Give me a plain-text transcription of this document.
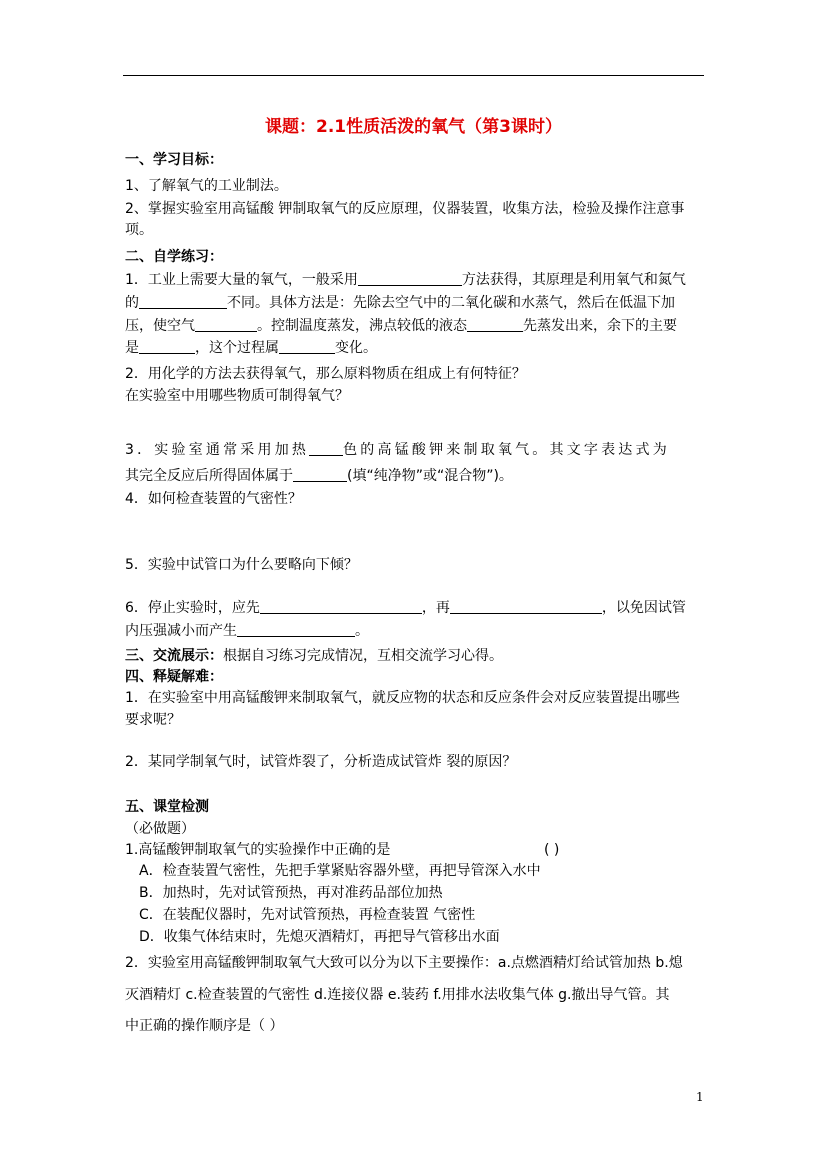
课题：2.1性质活泼的氧气（第3课时）
一、学习目标：
1、了解氧气的工业制法。
2、掌握实验室用高锰酸 钾制取氧气的反应原理，仪器装置，收集方法，检验及操作注意事
项。
二、自学练习：
1．工业上需要大量的氧气，一般采用	方法获得，其原理是利用氧气和氮气
的	不同。具体方法是：先除去空气中的二氧化碳和水蒸气，然后在低温下加
压，使空气	。控制温度蒸发，沸点较低的液态	先蒸发出来，余下的主要
是	，这个过程属	变化。
2．用化学的方法去获得氧气，那么原料物质在组成上有何特征？
在实验室中用哪些物质可制得氧气？
3．实验室通常采用加热 色的高锰酸钾来制取氧气。其文字表达式为
其完全反应后所得固体属于	(填“纯净物”或“混合物”)。
4．如何检查装置的气密性？
5．实验中试管口为什么要略向下倾？
6．停止实验时，应先	，再	，以免因试管
内压强减小而产生	。
三、交流展示：根据自习练习完成情况，互相交流学习心得。
四、释疑解难：
1．在实验室中用高锰酸钾来制取氧气，就反应物的状态和反应条件会对反应装置提出哪些
要求呢？
2．某同学制氧气时，试管炸裂了，分析造成试管炸 裂的原因？
五、课堂检测
（必做题）
1.高锰酸钾制取氧气的实验操作中正确的是	( )
A．检查装置气密性，先把手掌紧贴容器外壁，再把导管深入水中
B．加热时，先对试管预热，再对准药品部位加热
C．在装配仪器时，先对试管预热，再检查装置 气密性
D．收集气体结束时，先熄灭酒精灯，再把导气管移出水面
2．实验室用高锰酸钾制取氧气大致可以分为以下主要操作：a.点燃酒精灯给试管加热 b.熄
灭酒精灯 c.检查装置的气密性 d.连接仪器 e.装药 f.用排水法收集气体 g.撤出导气管。其
中正确的操作顺序是（ ）
1
